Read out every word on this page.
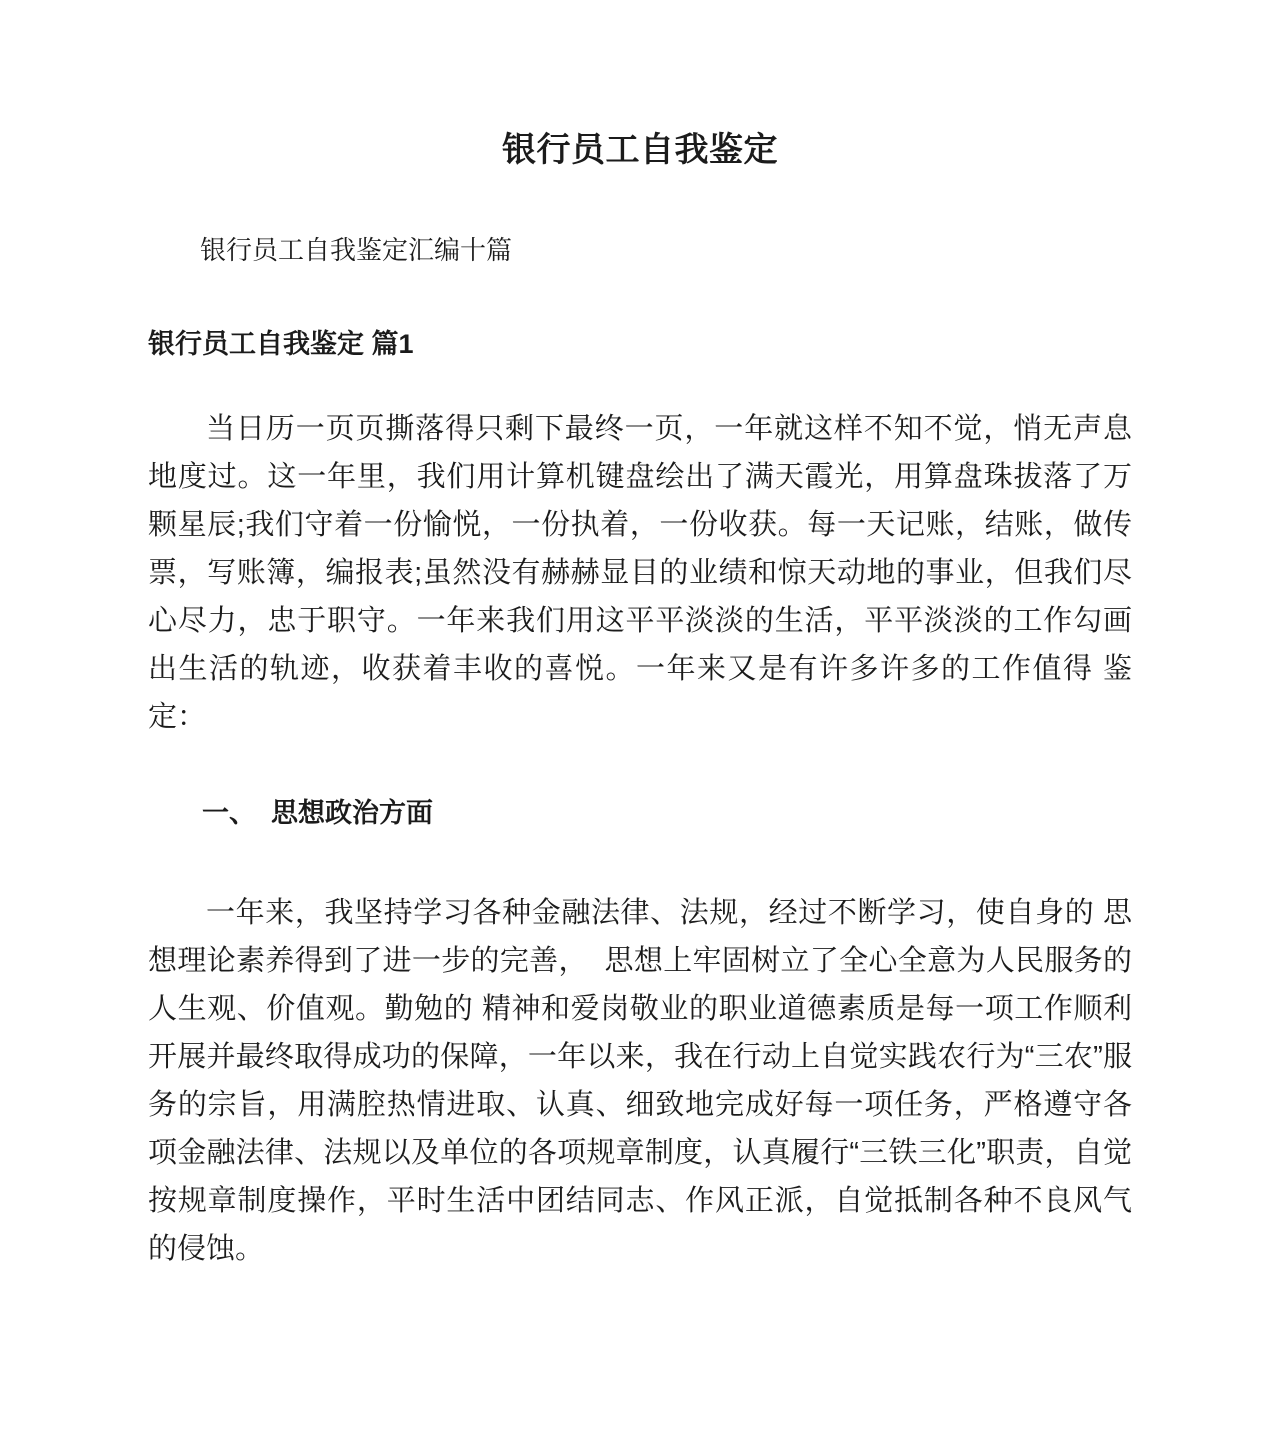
银行员工自我鉴定

银行员工自我鉴定汇编十篇

银行员工自我鉴定 篇1

当日历一页页撕落得只剩下最终一页，一年就这样不知不觉，悄无声息地度过。这一年里，我们用计算机键盘绘出了满天霞光，用算盘珠拔落了万颗星辰;我们守着一份愉悦，一份执着，一份收获。每一天记账，结账，做传票，写账簿，编报表;虽然没有赫赫显目的业绩和惊天动地的事业，但我们尽心尽力，忠于职守。一年来我们用这平平淡淡的生活，平平淡淡的工作勾画出生活的轨迹，收获着丰收的喜悦。一年来又是有许多许多的工作值得 鉴定：

一、  思想政治方面

一年来，我坚持学习各种金融法律、法规，经过不断学习，使自身的 思想理论素养得到了进一步的完善，  思想上牢固树立了全心全意为人民服务的人生观、价值观。勤勉的 精神和爱岗敬业的职业道德素质是每一项工作顺利开展并最终取得成功的保障，一年以来，我在行动上自觉实践农行为“三农”服务的宗旨，用满腔热情进取、认真、细致地完成好每一项任务，严格遵守各项金融法律、法规以及单位的各项规章制度，认真履行“三铁三化”职责，自觉按规章制度操作，平时生活中团结同志、作风正派，自觉抵制各种不良风气的侵蚀。
